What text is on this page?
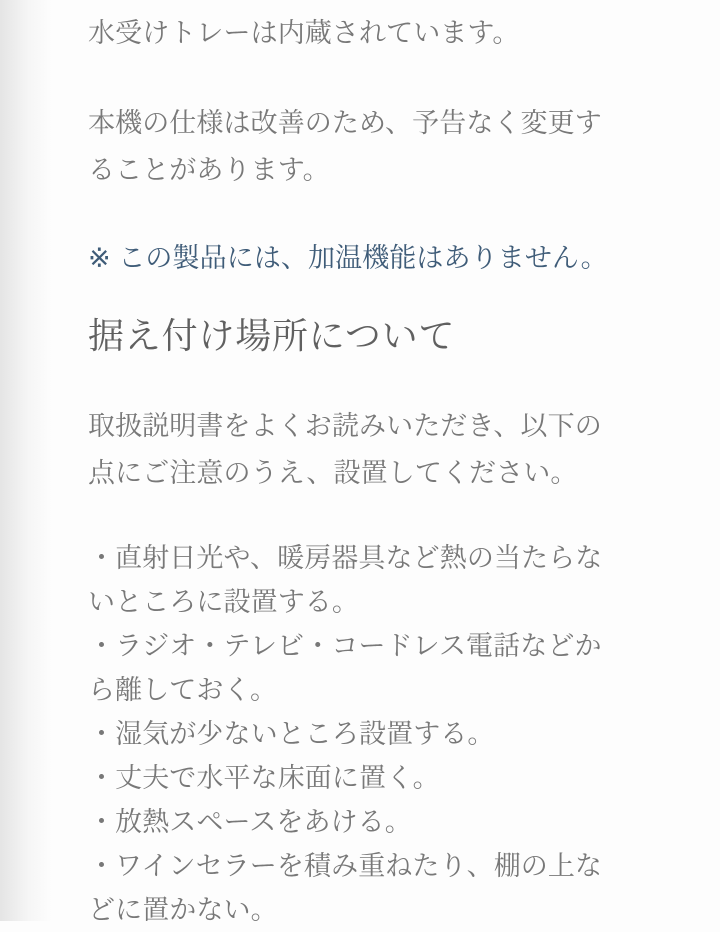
水受けトレーは内蔵されています。

本機の仕様は改善のため、予告なく変更することがあります。

※ この製品には、加温機能はありません。

据え付け場所について

取扱説明書をよくお読みいただき、以下の点にご注意のうえ、設置してください。

・直射日光や、暖房器具など熱の当たらないところに設置する。
・ラジオ・テレビ・コードレス電話などから離しておく。
・湿気が少ないところ設置する。
・丈夫で水平な床面に置く。
・放熱スペースをあける。
・ワインセラーを積み重ねたり、棚の上などに置かない。
